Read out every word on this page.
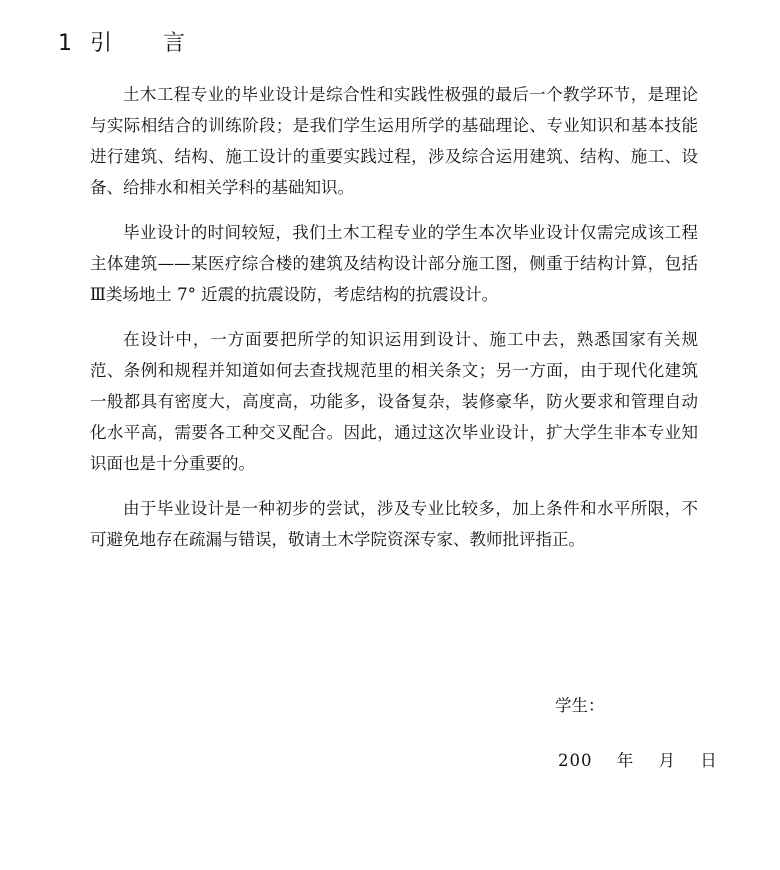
1 引 言

土木工程专业的毕业设计是综合性和实践性极强的最后一个教学环节，是理论与实际相结合的训练阶段；是我们学生运用所学的基础理论、专业知识和基本技能进行建筑、结构、施工设计的重要实践过程，涉及综合运用建筑、结构、施工、设备、给排水和相关学科的基础知识。

毕业设计的时间较短，我们土木工程专业的学生本次毕业设计仅需完成该工程主体建筑——某医疗综合楼的建筑及结构设计部分施工图，侧重于结构计算，包括Ⅲ类场地土 7° 近震的抗震设防，考虑结构的抗震设计。

在设计中，一方面要把所学的知识运用到设计、施工中去，熟悉国家有关规范、条例和规程并知道如何去查找规范里的相关条文；另一方面，由于现代化建筑一般都具有密度大，高度高，功能多，设备复杂，装修豪华，防火要求和管理自动化水平高，需要各工种交叉配合。因此，通过这次毕业设计，扩大学生非本专业知识面也是十分重要的。

由于毕业设计是一种初步的尝试，涉及专业比较多，加上条件和水平所限，不可避免地存在疏漏与错误，敬请土木学院资深专家、教师批评指正。

学生：
200 年 月 日
